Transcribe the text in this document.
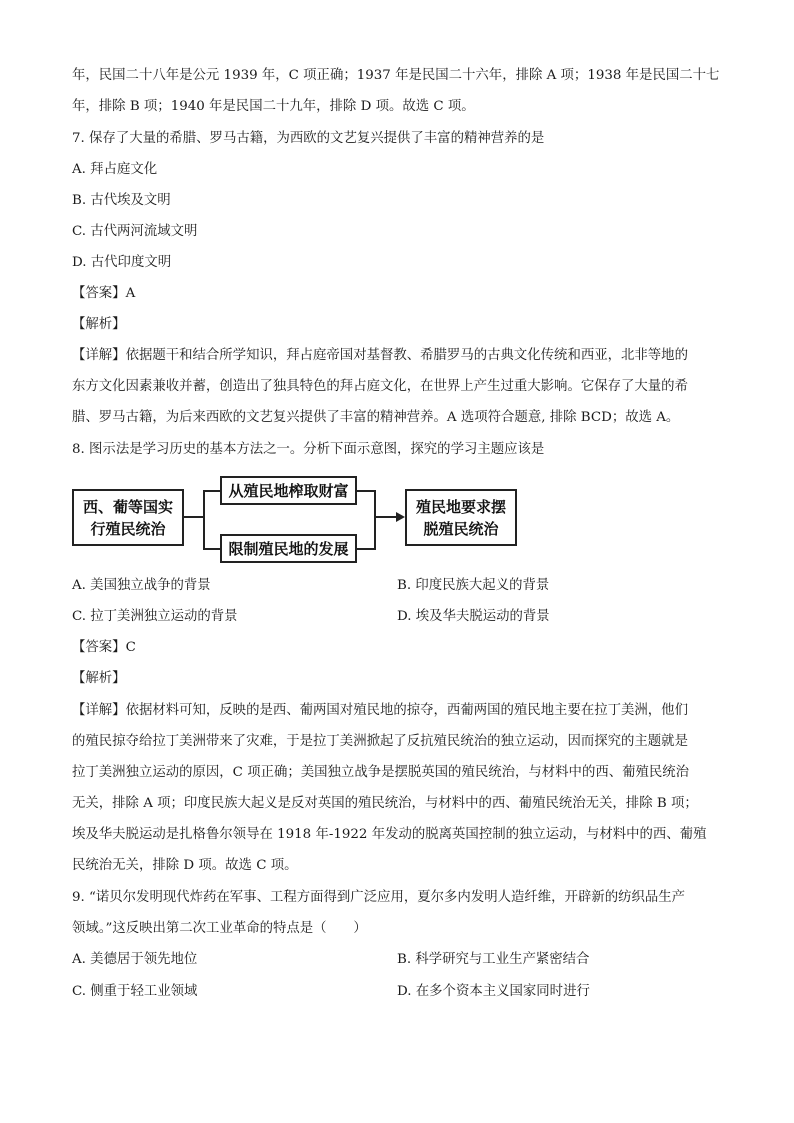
年，民国二十八年是公元 1939 年，C 项正确；1937 年是民国二十六年，排除 A 项；1938 年是民国二十七
年，排除 B 项；1940 年是民国二十九年，排除 D 项。故选 C 项。
7. 保存了大量的希腊、罗马古籍，为西欧的文艺复兴提供了丰富的精神营养的是
A. 拜占庭文化
B. 古代埃及文明
C. 古代两河流域文明
D. 古代印度文明
【答案】A
【解析】
【详解】依据题干和结合所学知识，拜占庭帝国对基督教、希腊罗马的古典文化传统和西亚，北非等地的
东方文化因素兼收并蓄，创造出了独具特色的拜占庭文化，在世界上产生过重大影响。它保存了大量的希
腊、罗马古籍，为后来西欧的文艺复兴提供了丰富的精神营养。A 选项符合题意, 排除 BCD；故选 A。
8. 图示法是学习历史的基本方法之一。分析下面示意图，探究的学习主题应该是
西、葡等国实
行殖民统治
从殖民地榨取财富
限制殖民地的发展
殖民地要求摆
脱殖民统治
A. 美国独立战争的背景	B. 印度民族大起义的背景
C. 拉丁美洲独立运动的背景	D. 埃及华夫脱运动的背景
【答案】C
【解析】
【详解】依据材料可知，反映的是西、葡两国对殖民地的掠夺，西葡两国的殖民地主要在拉丁美洲，他们
的殖民掠夺给拉丁美洲带来了灾难，于是拉丁美洲掀起了反抗殖民统治的独立运动，因而探究的主题就是
拉丁美洲独立运动的原因，C 项正确；美国独立战争是摆脱英国的殖民统治，与材料中的西、葡殖民统治
无关，排除 A 项；印度民族大起义是反对英国的殖民统治，与材料中的西、葡殖民统治无关，排除 B 项；
埃及华夫脱运动是扎格鲁尔领导在 1918 年-1922 年发动的脱离英国控制的独立运动，与材料中的西、葡殖
民统治无关，排除 D 项。故选 C 项。
9. “诺贝尔发明现代炸药在军事、工程方面得到广泛应用，夏尔多内发明人造纤维，开辟新的纺织品生产
领域。”这反映出第二次工业革命的特点是（　　）
A. 美德居于领先地位	B. 科学研究与工业生产紧密结合
C. 侧重于轻工业领域	D. 在多个资本主义国家同时进行
